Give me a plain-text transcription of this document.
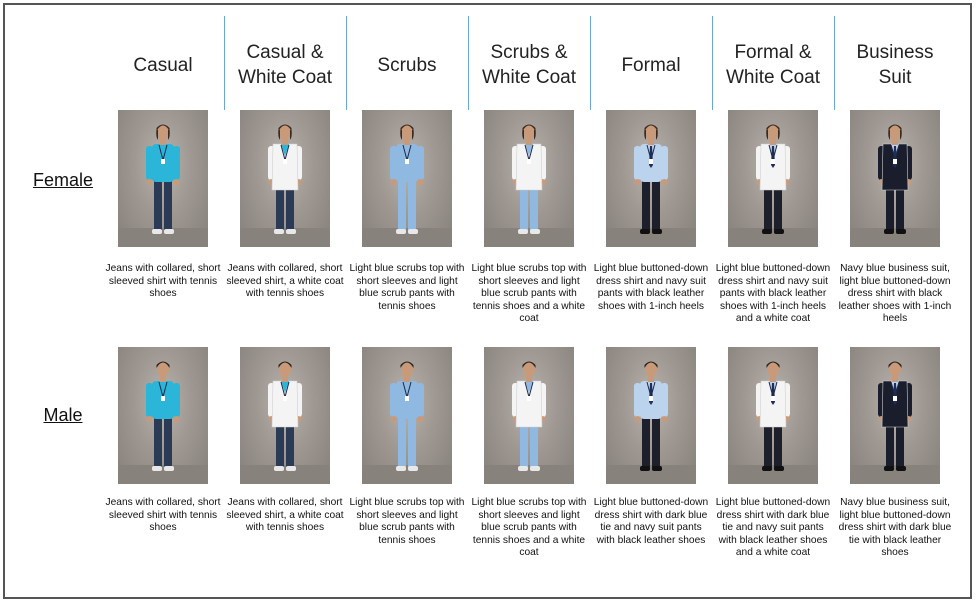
Casual
Casual &
White Coat
Scrubs
Scrubs &
White Coat
Formal
Formal &
White Coat
Business
Suit
Female
Male
Jeans with collared, short sleeved shirt with tennis shoes
Jeans with collared, short sleeved shirt, a white coat with tennis shoes
Light blue scrubs top with short sleeves and light blue scrub pants with tennis shoes
Light blue scrubs top with short sleeves and light blue scrub pants with tennis shoes and a white coat
Light blue buttoned-down dress shirt and navy suit pants with black leather shoes with 1-inch heels
Light blue buttoned-down dress shirt and navy suit pants with black leather shoes with 1-inch heels and a white coat
Navy blue business suit, light blue buttoned-down dress shirt with black leather shoes with 1-inch heels
Jeans with collared, short sleeved shirt with tennis shoes
Jeans with collared, short sleeved shirt, a white coat with tennis shoes
Light blue scrubs top with short sleeves and light blue scrub pants with tennis shoes
Light blue scrubs top with short sleeves and light blue scrub pants with tennis shoes and a white coat
Light blue buttoned-down dress shirt with dark blue tie and navy suit pants with black leather shoes
Light blue buttoned-down dress shirt with dark blue tie and navy suit pants with black leather shoes and a white coat
Navy blue business suit, light blue buttoned-down dress shirt with dark blue tie with black leather shoes
